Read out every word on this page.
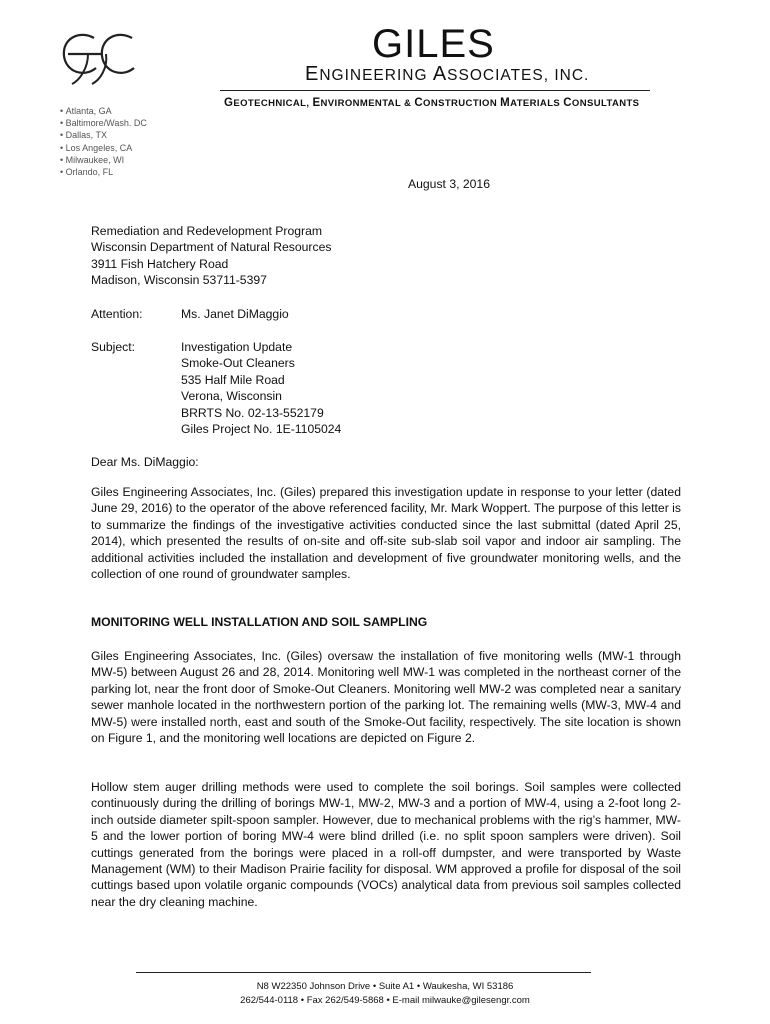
GILES
ENGINEERING ASSOCIATES, INC.
GEOTECHNICAL, ENVIRONMENTAL & CONSTRUCTION MATERIALS CONSULTANTS
• Atlanta, GA
• Baltimore/Wash. DC
• Dallas, TX
• Los Angeles, CA
• Milwaukee, WI
• Orlando, FL
August 3, 2016
Remediation and Redevelopment Program
Wisconsin Department of Natural Resources
3911 Fish Hatchery Road
Madison, Wisconsin 53711-5397
Attention:	Ms. Janet DiMaggio
Subject:	Investigation Update
Smoke-Out Cleaners
535 Half Mile Road
Verona, Wisconsin
BRRTS No. 02-13-552179
Giles Project No. 1E-1105024
Dear Ms. DiMaggio:
Giles Engineering Associates, Inc. (Giles) prepared this investigation update in response to your letter (dated June 29, 2016) to the operator of the above referenced facility, Mr. Mark Woppert. The purpose of this letter is to summarize the findings of the investigative activities conducted since the last submittal (dated April 25, 2014), which presented the results of on-site and off-site sub-slab soil vapor and indoor air sampling. The additional activities included the installation and development of five groundwater monitoring wells, and the collection of one round of groundwater samples.
MONITORING WELL INSTALLATION AND SOIL SAMPLING
Giles Engineering Associates, Inc. (Giles) oversaw the installation of five monitoring wells (MW-1 through MW-5) between August 26 and 28, 2014. Monitoring well MW-1 was completed in the northeast corner of the parking lot, near the front door of Smoke-Out Cleaners. Monitoring well MW-2 was completed near a sanitary sewer manhole located in the northwestern portion of the parking lot. The remaining wells (MW-3, MW-4 and MW-5) were installed north, east and south of the Smoke-Out facility, respectively. The site location is shown on Figure 1, and the monitoring well locations are depicted on Figure 2.
Hollow stem auger drilling methods were used to complete the soil borings. Soil samples were collected continuously during the drilling of borings MW-1, MW-2, MW-3 and a portion of MW-4, using a 2-foot long 2-inch outside diameter spilt-spoon sampler. However, due to mechanical problems with the rig’s hammer, MW-5 and the lower portion of boring MW-4 were blind drilled (i.e. no split spoon samplers were driven). Soil cuttings generated from the borings were placed in a roll-off dumpster, and were transported by Waste Management (WM) to their Madison Prairie facility for disposal. WM approved a profile for disposal of the soil cuttings based upon volatile organic compounds (VOCs) analytical data from previous soil samples collected near the dry cleaning machine.
N8 W22350 Johnson Drive • Suite A1 • Waukesha, WI 53186
262/544-0118 • Fax 262/549-5868 • E-mail milwauke@gilesengr.com
